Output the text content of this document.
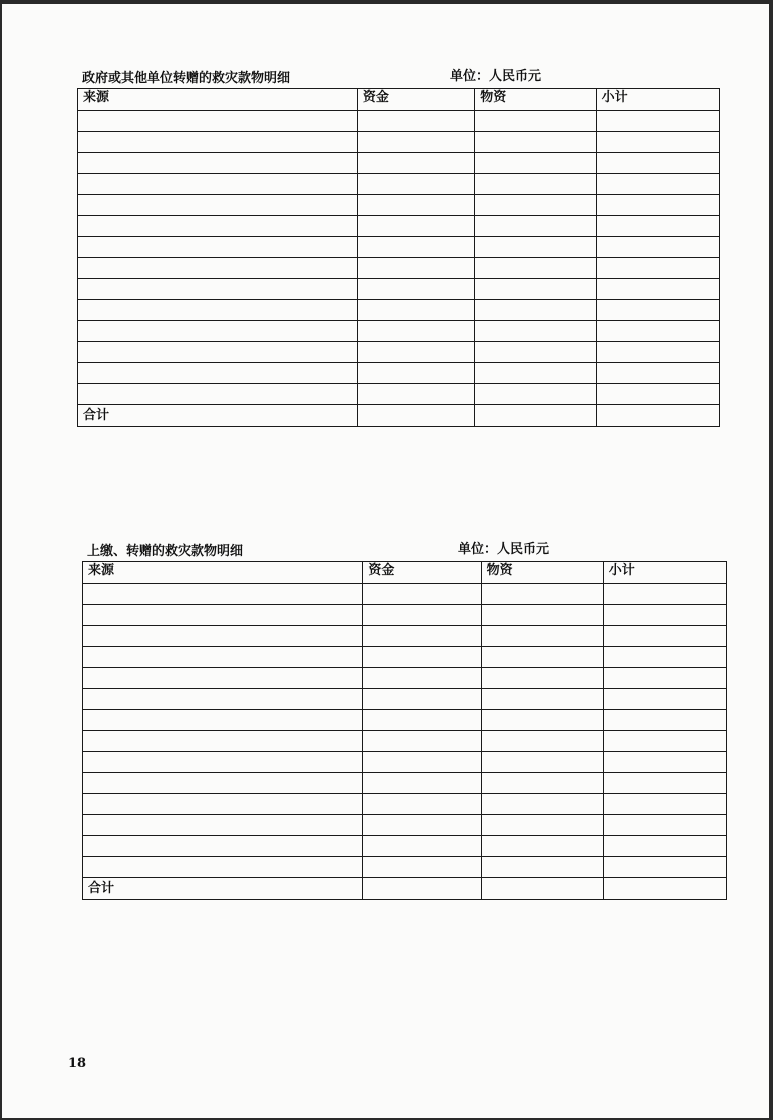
政府或其他单位转赠的救灾款物明细	单位：人民币元
来源	资金	物资	小计

合计			
上缴、转赠的救灾款物明细	单位：人民币元
来源	资金	物资	小计

合计			
18
